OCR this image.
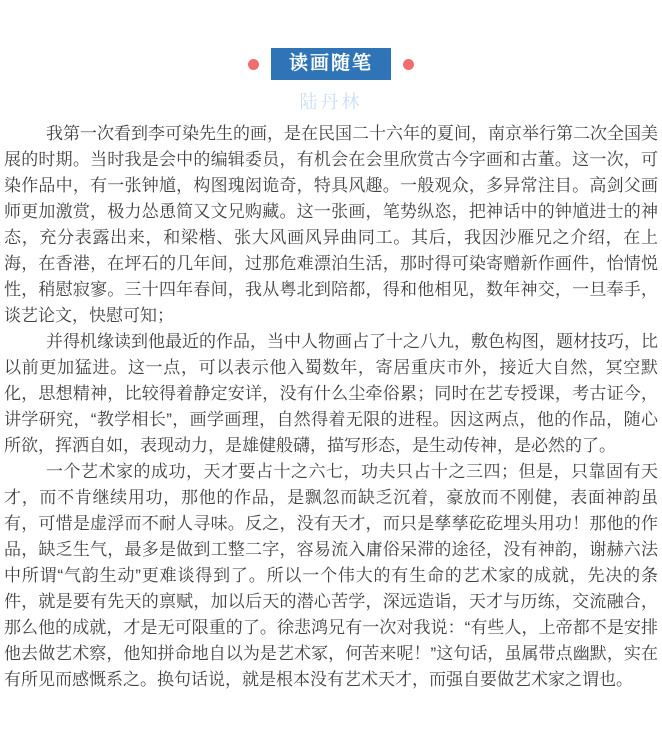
读画随笔
陆丹林

我第一次看到李可染先生的画，是在民国二十六年的夏间，南京举行第二次全国美展的时期。当时我是会中的编辑委员，有机会在会里欣赏古今字画和古董。这一次，可染作品中，有一张钟馗，构图瑰闳诡奇，特具风趣。一般观众，多异常注目。高剑父画师更加激赏，极力怂恿简又文兄购藏。这一张画，笔势纵恣，把神话中的钟馗进士的神态，充分表露出来，和梁楷、张大风画风异曲同工。其后，我因沙雁兄之介绍，在上海，在香港，在坪石的几年间，过那危难漂泊生活，那时得可染寄赠新作画件，怡情悦性，稍慰寂寥。三十四年春间，我从粤北到陪都，得和他相见，数年神交，一旦奉手，谈艺论文，快慰可知；

并得机缘读到他最近的作品，当中人物画占了十之八九，敷色构图，题材技巧，比以前更加猛进。这一点，可以表示他入蜀数年，寄居重庆市外，接近大自然，冥空默化，思想精神，比较得着静定安详，没有什么尘牵俗累；同时在艺专授课，考古证今，讲学研究，“教学相长”，画学画理，自然得着无限的进程。因这两点，他的作品，随心所欲，挥洒自如，表现动力，是雄健般礴，描写形态，是生动传神，是必然的了。

一个艺术家的成功，天才要占十之六七，功夫只占十之三四；但是，只靠固有天才，而不肯继续用功，那他的作品，是飘忽而缺乏沉着，豪放而不刚健，表面神韵虽有，可惜是虚浮而不耐人寻味。反之，没有天才，而只是孳孳矻矻埋头用功！那他的作品，缺乏生气，最多是做到工整二字，容易流入庸俗呆滞的途径，没有神韵，谢赫六法中所谓“气韵生动”更难谈得到了。所以一个伟大的有生命的艺术家的成就，先决的条件，就是要有先天的禀赋，加以后天的潜心苦学，深远造诣，天才与历练，交流融合，那么他的成就，才是无可限重的了。徐悲鸿兄有一次对我说：“有些人，上帝都不是安排他去做艺术察，他知拼命地自以为是艺术冢，何苦来呢！”这句话，虽属带点幽默，实在有所见而感慨系之。换句话说，就是根本没有艺术天才，而强自要做艺术家之谓也。
